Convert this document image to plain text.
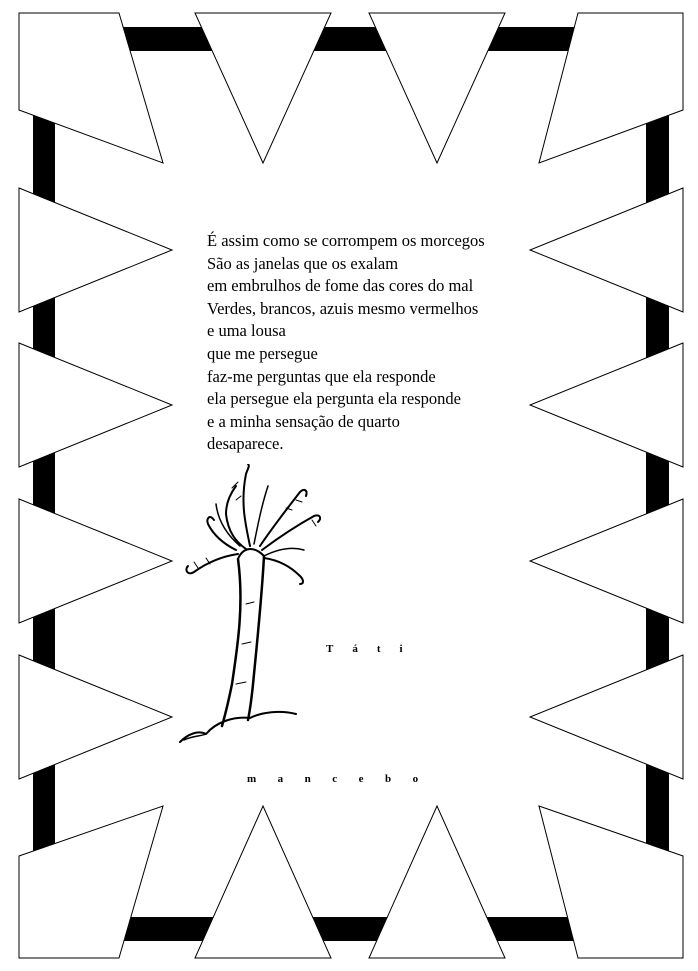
É assim como se corrompem os morcegos
São as janelas que os exalam
em embrulhos de fome das cores do mal
Verdes, brancos, azuis mesmo vermelhos
e uma lousa
que me persegue
faz-me perguntas que ela responde
ela persegue ela pergunta ela responde
e a minha sensação de quarto
desaparece.
Táti
mancebo
